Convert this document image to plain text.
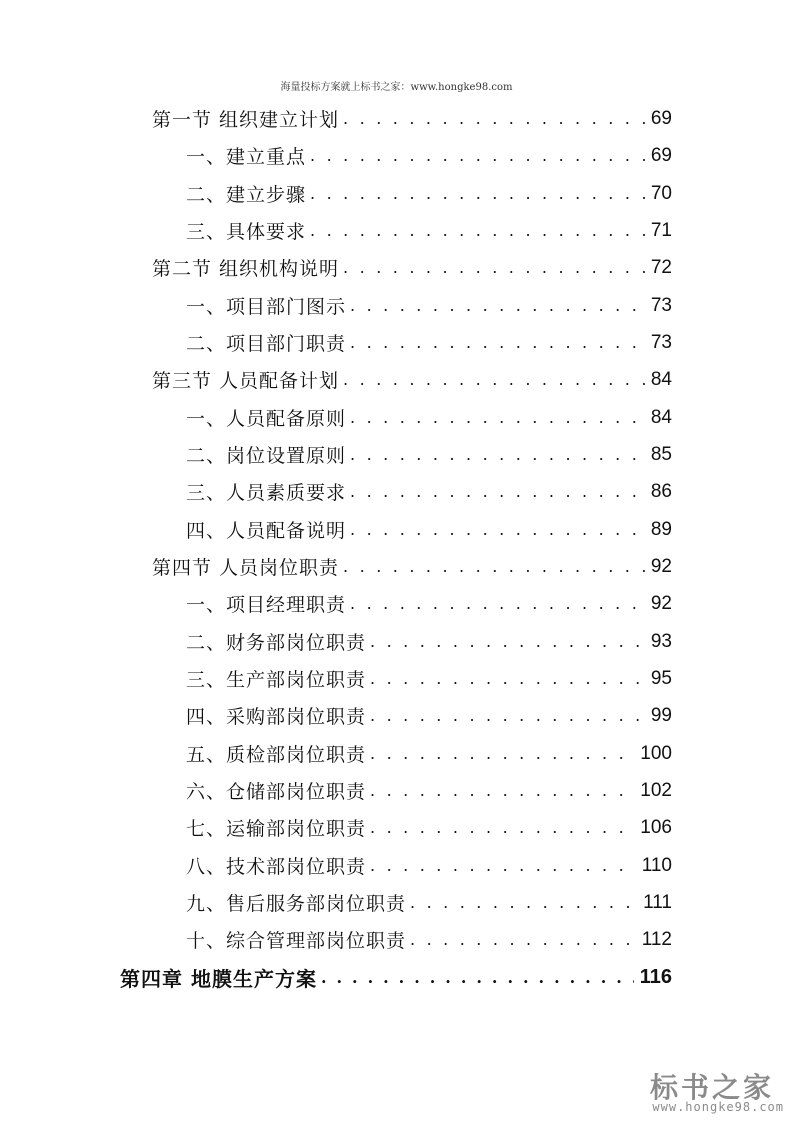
海量投标方案就上标书之家：www.hongke98.com
第一节 组织建立计划 . . .	69
一、建立重点 . . .	69
二、建立步骤 . . .	70
三、具体要求 . . .	71
第二节 组织机构说明 . . .	72
一、项目部门图示 . . .	73
二、项目部门职责 . . .	73
第三节 人员配备计划 . . .	84
一、人员配备原则 . . .	84
二、岗位设置原则 . . .	85
三、人员素质要求 . . .	86
四、人员配备说明 . . .	89
第四节 人员岗位职责 . . .	92
一、项目经理职责 . . .	92
二、财务部岗位职责 . . .	93
三、生产部岗位职责 . . .	95
四、采购部岗位职责 . . .	99
五、质检部岗位职责 . . .	100
六、仓储部岗位职责 . . .	102
七、运输部岗位职责 . . .	106
八、技术部岗位职责 . . .	110
九、售后服务部岗位职责 . . .	111
十、综合管理部岗位职责 . . .	112
第四章 地膜生产方案 . . .	116
标书之家
www.hongke98.com
